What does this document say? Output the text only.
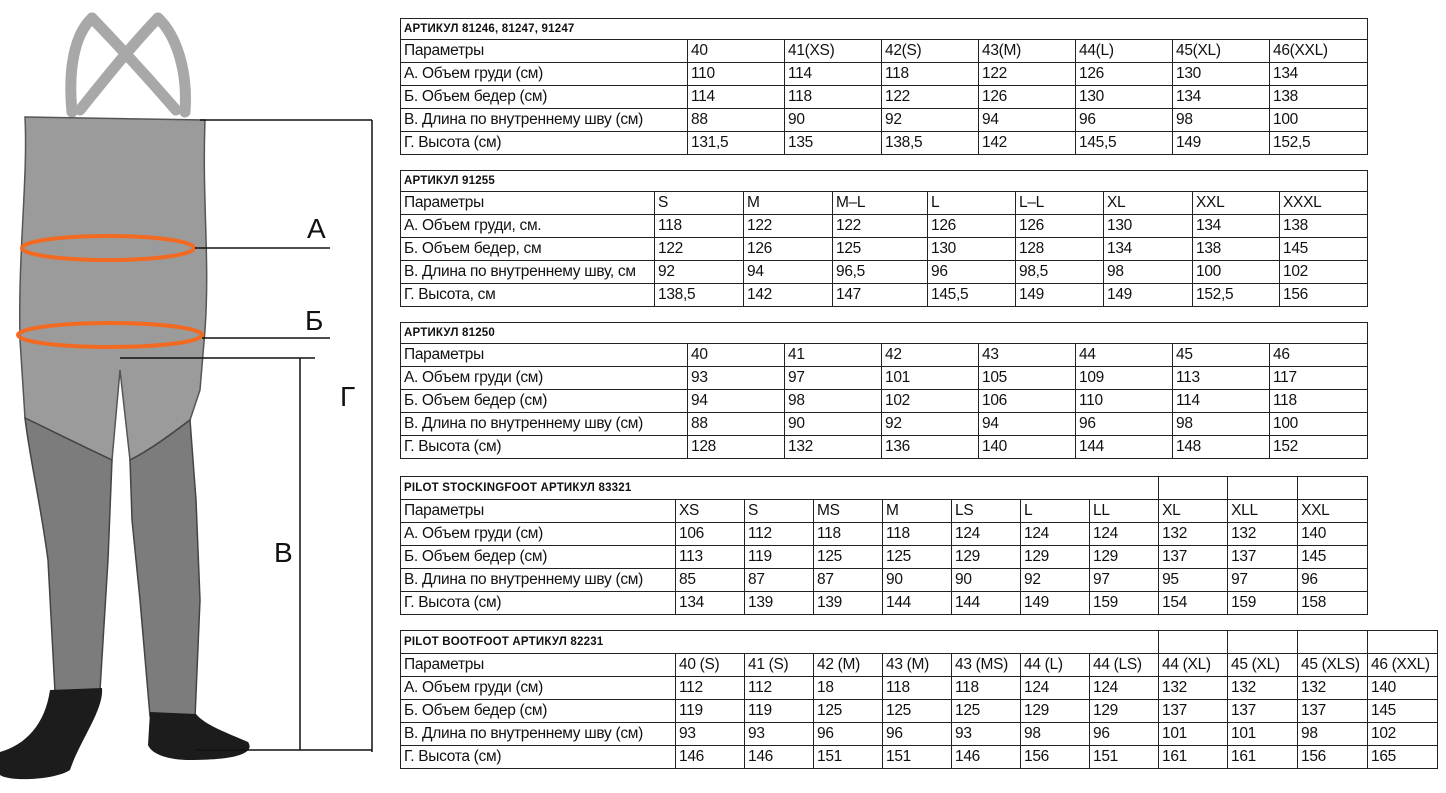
А
Б
Г
В
АРТИКУЛ 81246, 81247, 91247							
Параметры	40	41(XS)	42(S)	43(M)	44(L)	45(XL)	46(XXL)
А. Объем груди (см)	110	114	118	122	126	130	134
Б. Объем бедер (см)	114	118	122	126	130	134	138
В. Длина по внутреннему шву (см)	88	90	92	94	96	98	100
Г. Высота (см)	131,5	135	138,5	142	145,5	149	152,5
АРТИКУЛ 91255								
Параметры	S	M	M–L	L	L–L	XL	XXL	XXXL
А. Объем груди, см.	118	122	122	126	126	130	134	138
Б. Объем бедер, см	122	126	125	130	128	134	138	145
В. Длина по внутреннему шву, см	92	94	96,5	96	98,5	98	100	102
Г. Высота, см	138,5	142	147	145,5	149	149	152,5	156
АРТИКУЛ 81250							
Параметры	40	41	42	43	44	45	46
А. Объем груди (см)	93	97	101	105	109	113	117
Б. Объем бедер (см)	94	98	102	106	110	114	118
В. Длина по внутреннему шву (см)	88	90	92	94	96	98	100
Г. Высота (см)	128	132	136	140	144	148	152
PILOT STOCKINGFOOT АРТИКУЛ 83321										
Параметры	XS	S	MS	M	LS	L	LL	XL	XLL	XXL
А. Объем груди (см)	106	112	118	118	124	124	124	132	132	140
Б. Объем бедер (см)	113	119	125	125	129	129	129	137	137	145
В. Длина по внутреннему шву (см)	85	87	87	90	90	92	97	95	97	96
Г. Высота (см)	134	139	139	144	144	149	159	154	159	158
PILOT BOOTFOOT АРТИКУЛ 82231											
Параметры	40 (S)	41 (S)	42 (M)	43 (M)	43 (MS)	44 (L)	44 (LS)	44 (XL)	45 (XL)	45 (XLS)	46 (XXL)
А. Объем груди (см)	112	112	18	118	118	124	124	132	132	132	140
Б. Объем бедер (см)	119	119	125	125	125	129	129	137	137	137	145
В. Длина по внутреннему шву (см)	93	93	96	96	93	98	96	101	101	98	102
Г. Высота (см)	146	146	151	151	146	156	151	161	161	156	165
